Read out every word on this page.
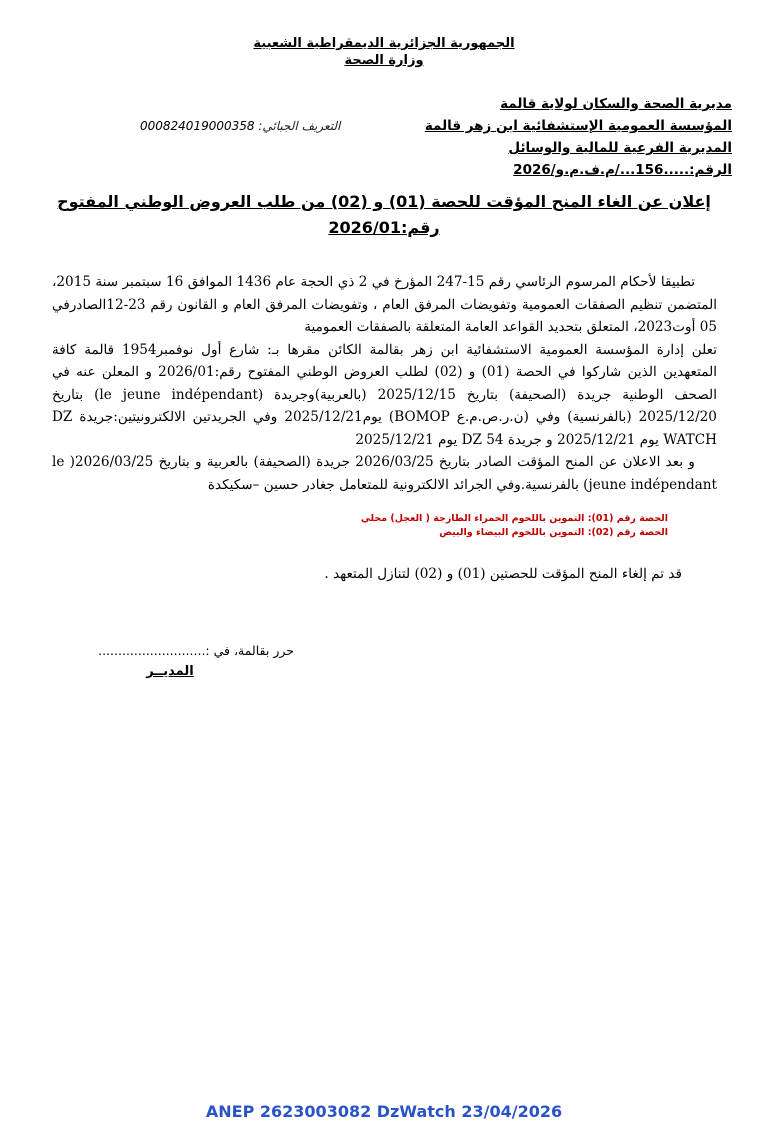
الجمهورية الجزائرية الديمقراطية الشعبية
وزارة الصحة
مديرية الصحة والسكان لولاية قالمة
المؤسسة العمومية الإستشفائية ابن زهر قالمة
المديرية الفرعية للمالية والوسائل
الرقم:.....156.../م.ف.م.و/2026
000824019000358 التعريف الجبائي:
إعلان عن الغاء المنح المؤقت للحصة (01) و (02) من طلب العروض الوطني المفتوح
رقم:2026/01

تطبيقا لأحكام المرسوم الرئاسي رقم 15-247 المؤرخ في 2 ذي الحجة عام 1436 الموافق 16 سبتمبر سنة 2015، المتضمن تنظيم الصفقات العمومية وتفويضات المرفق العام ، وتفويضات المرفق العام و القانون رقم 23-12الصادرفي 05 أوت2023، المتعلق بتحديد القواعد العامة المتعلقة بالصفقات العمومية

تعلن إدارة المؤسسة العمومية الاستشفائية ابن زهر بقالمة الكائن مقرها بـ: شارع أول نوفمبر1954 قالمة كافة المتعهدين الذين شاركوا في الحصة (01) و (02) لطلب العروض الوطني المفتوح رقم:2026/01 و المعلن عنه في الصحف الوطنية جريدة (الصحيفة) بتاريخ 2025/12/15 (بالعربية)وجريدة (le jeune indépendant) بتاريخ 2025/12/20 (بالفرنسية) وفي (ن.ر.ص.م.ع BOMOP) يوم2025/12/21 وفي الجريدتين الالكترونيتين:جريدة DZ WATCH يوم 2025/12/21 و جريدة DZ 54 يوم 2025/12/21

و بعد الاعلان عن المنح المؤقت الصادر بتاريخ 2026/03/25 جريدة (الصحيفة) بالعربية و بتاريخ 2026/03/25( le jeune indépendant) بالفرنسية.وفي الجرائد الالكترونية للمتعامل جغادر حسين –سكيكدة

الحصة رقم (01): التموين باللحوم الحمراء الطازجة ( العجل) محلي
الحصة رقم (02): التموين باللحوم البيضاء والبيض
قد تم إلغاء المنح المؤقت للحصتين (01) و (02) لتنازل المتعهد .
حرر بقالمة، في :...........................
المديــر
ANEP 2623003082 DzWatch 23/04/2026
